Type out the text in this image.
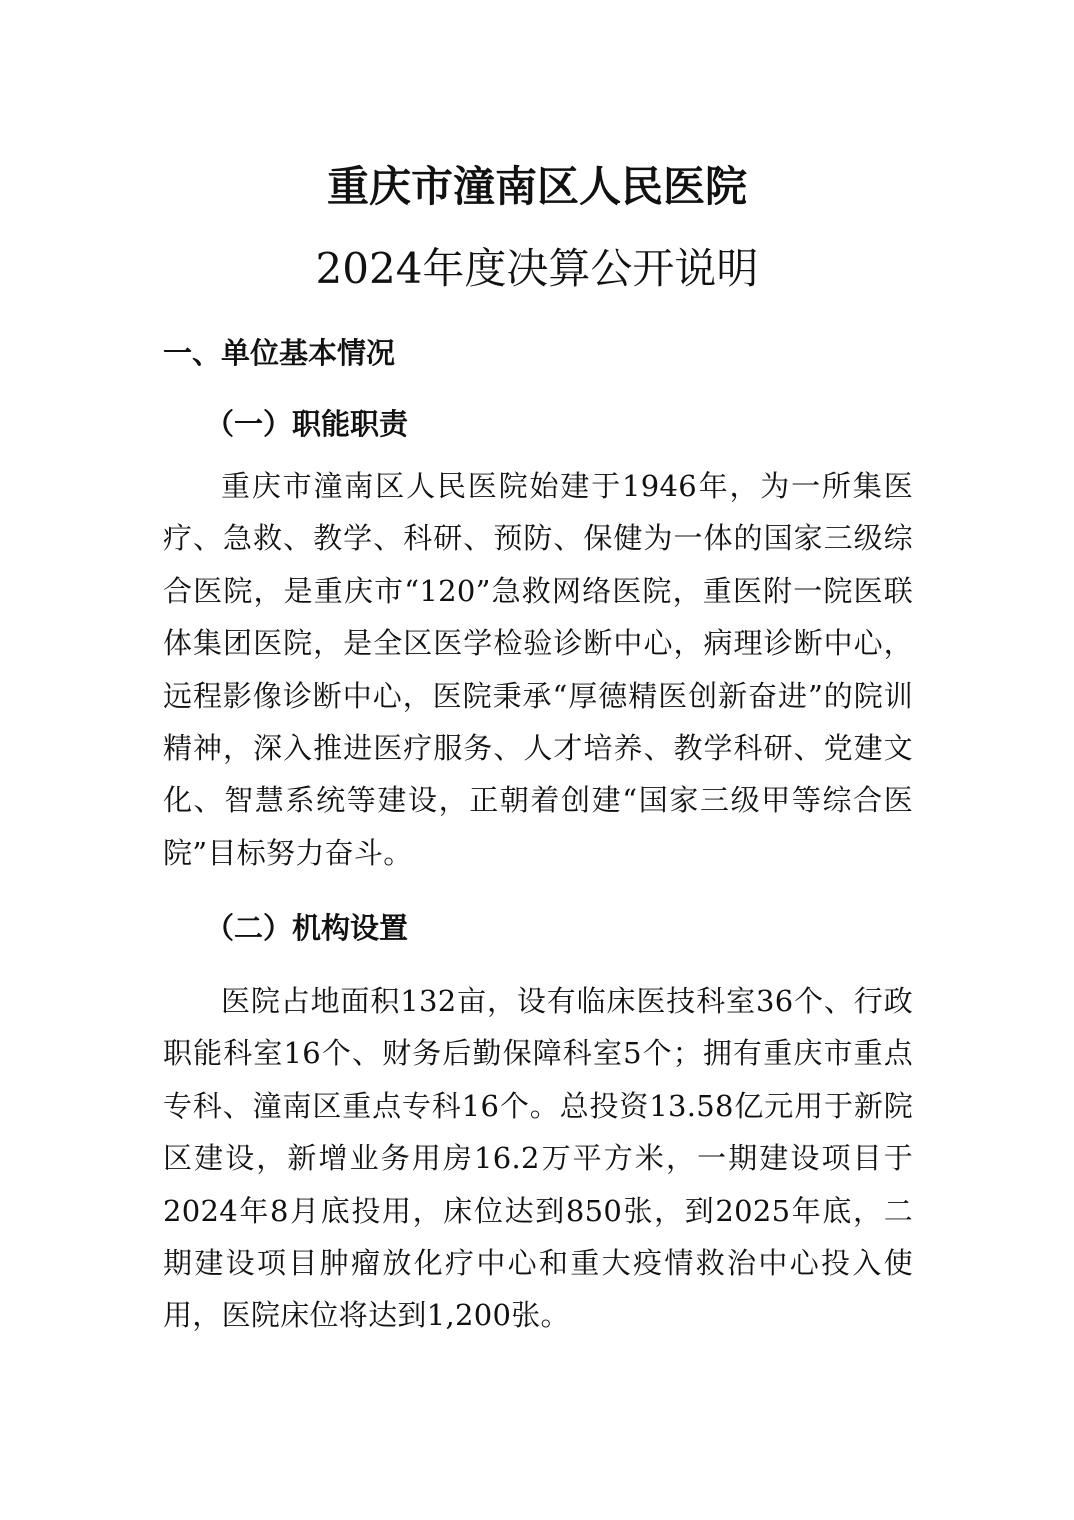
重庆市潼南区人民医院
2024年度决算公开说明
一、单位基本情况
（一）职能职责
重庆市潼南区人民医院始建于1946年，为一所集医疗、急救、教学、科研、预防、保健为一体的国家三级综合医院，是重庆市“120”急救网络医院，重医附一院医联体集团医院，是全区医学检验诊断中心，病理诊断中心，远程影像诊断中心，医院秉承“厚德精医创新奋进”的院训精神，深入推进医疗服务、人才培养、教学科研、党建文化、智慧系统等建设，正朝着创建“国家三级甲等综合医院”目标努力奋斗。
（二）机构设置
医院占地面积132亩，设有临床医技科室36个、行政职能科室16个、财务后勤保障科室5个；拥有重庆市重点专科、潼南区重点专科16个。总投资13.58亿元用于新院区建设，新增业务用房16.2万平方米，一期建设项目于2024年8月底投用，床位达到850张，到2025年底，二期建设项目肿瘤放化疗中心和重大疫情救治中心投入使用，医院床位将达到1,200张。
